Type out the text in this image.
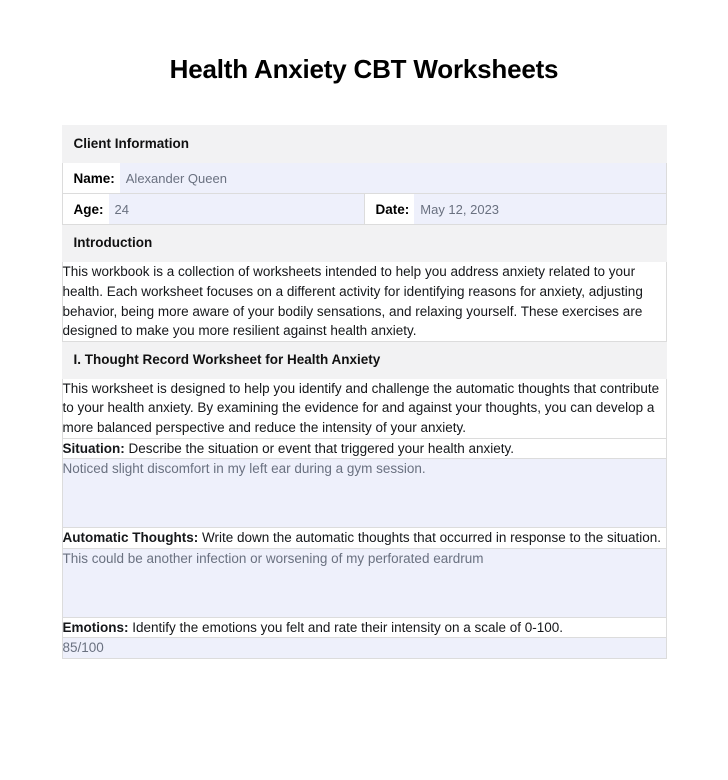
Health Anxiety CBT Worksheets
Client Information

Name: Alexander Queen

Age: 24	Date: May 12, 2023

Introduction

This workbook is a collection of worksheets intended to help you address anxiety related to your health. Each worksheet focuses on a different activity for identifying reasons for anxiety, adjusting behavior, being more aware of your bodily sensations, and relaxing yourself. These exercises are designed to make you more resilient against health anxiety.

I. Thought Record Worksheet for Health Anxiety

This worksheet is designed to help you identify and challenge the automatic thoughts that contribute to your health anxiety. By examining the evidence for and against your thoughts, you can develop a more balanced perspective and reduce the intensity of your anxiety.
Situation: Describe the situation or event that triggered your health anxiety.
Noticed slight discomfort in my left ear during a gym session.
Automatic Thoughts: Write down the automatic thoughts that occurred in response to the situation.
This could be another infection or worsening of my perforated eardrum
Emotions: Identify the emotions you felt and rate their intensity on a scale of 0-100.
85/100
